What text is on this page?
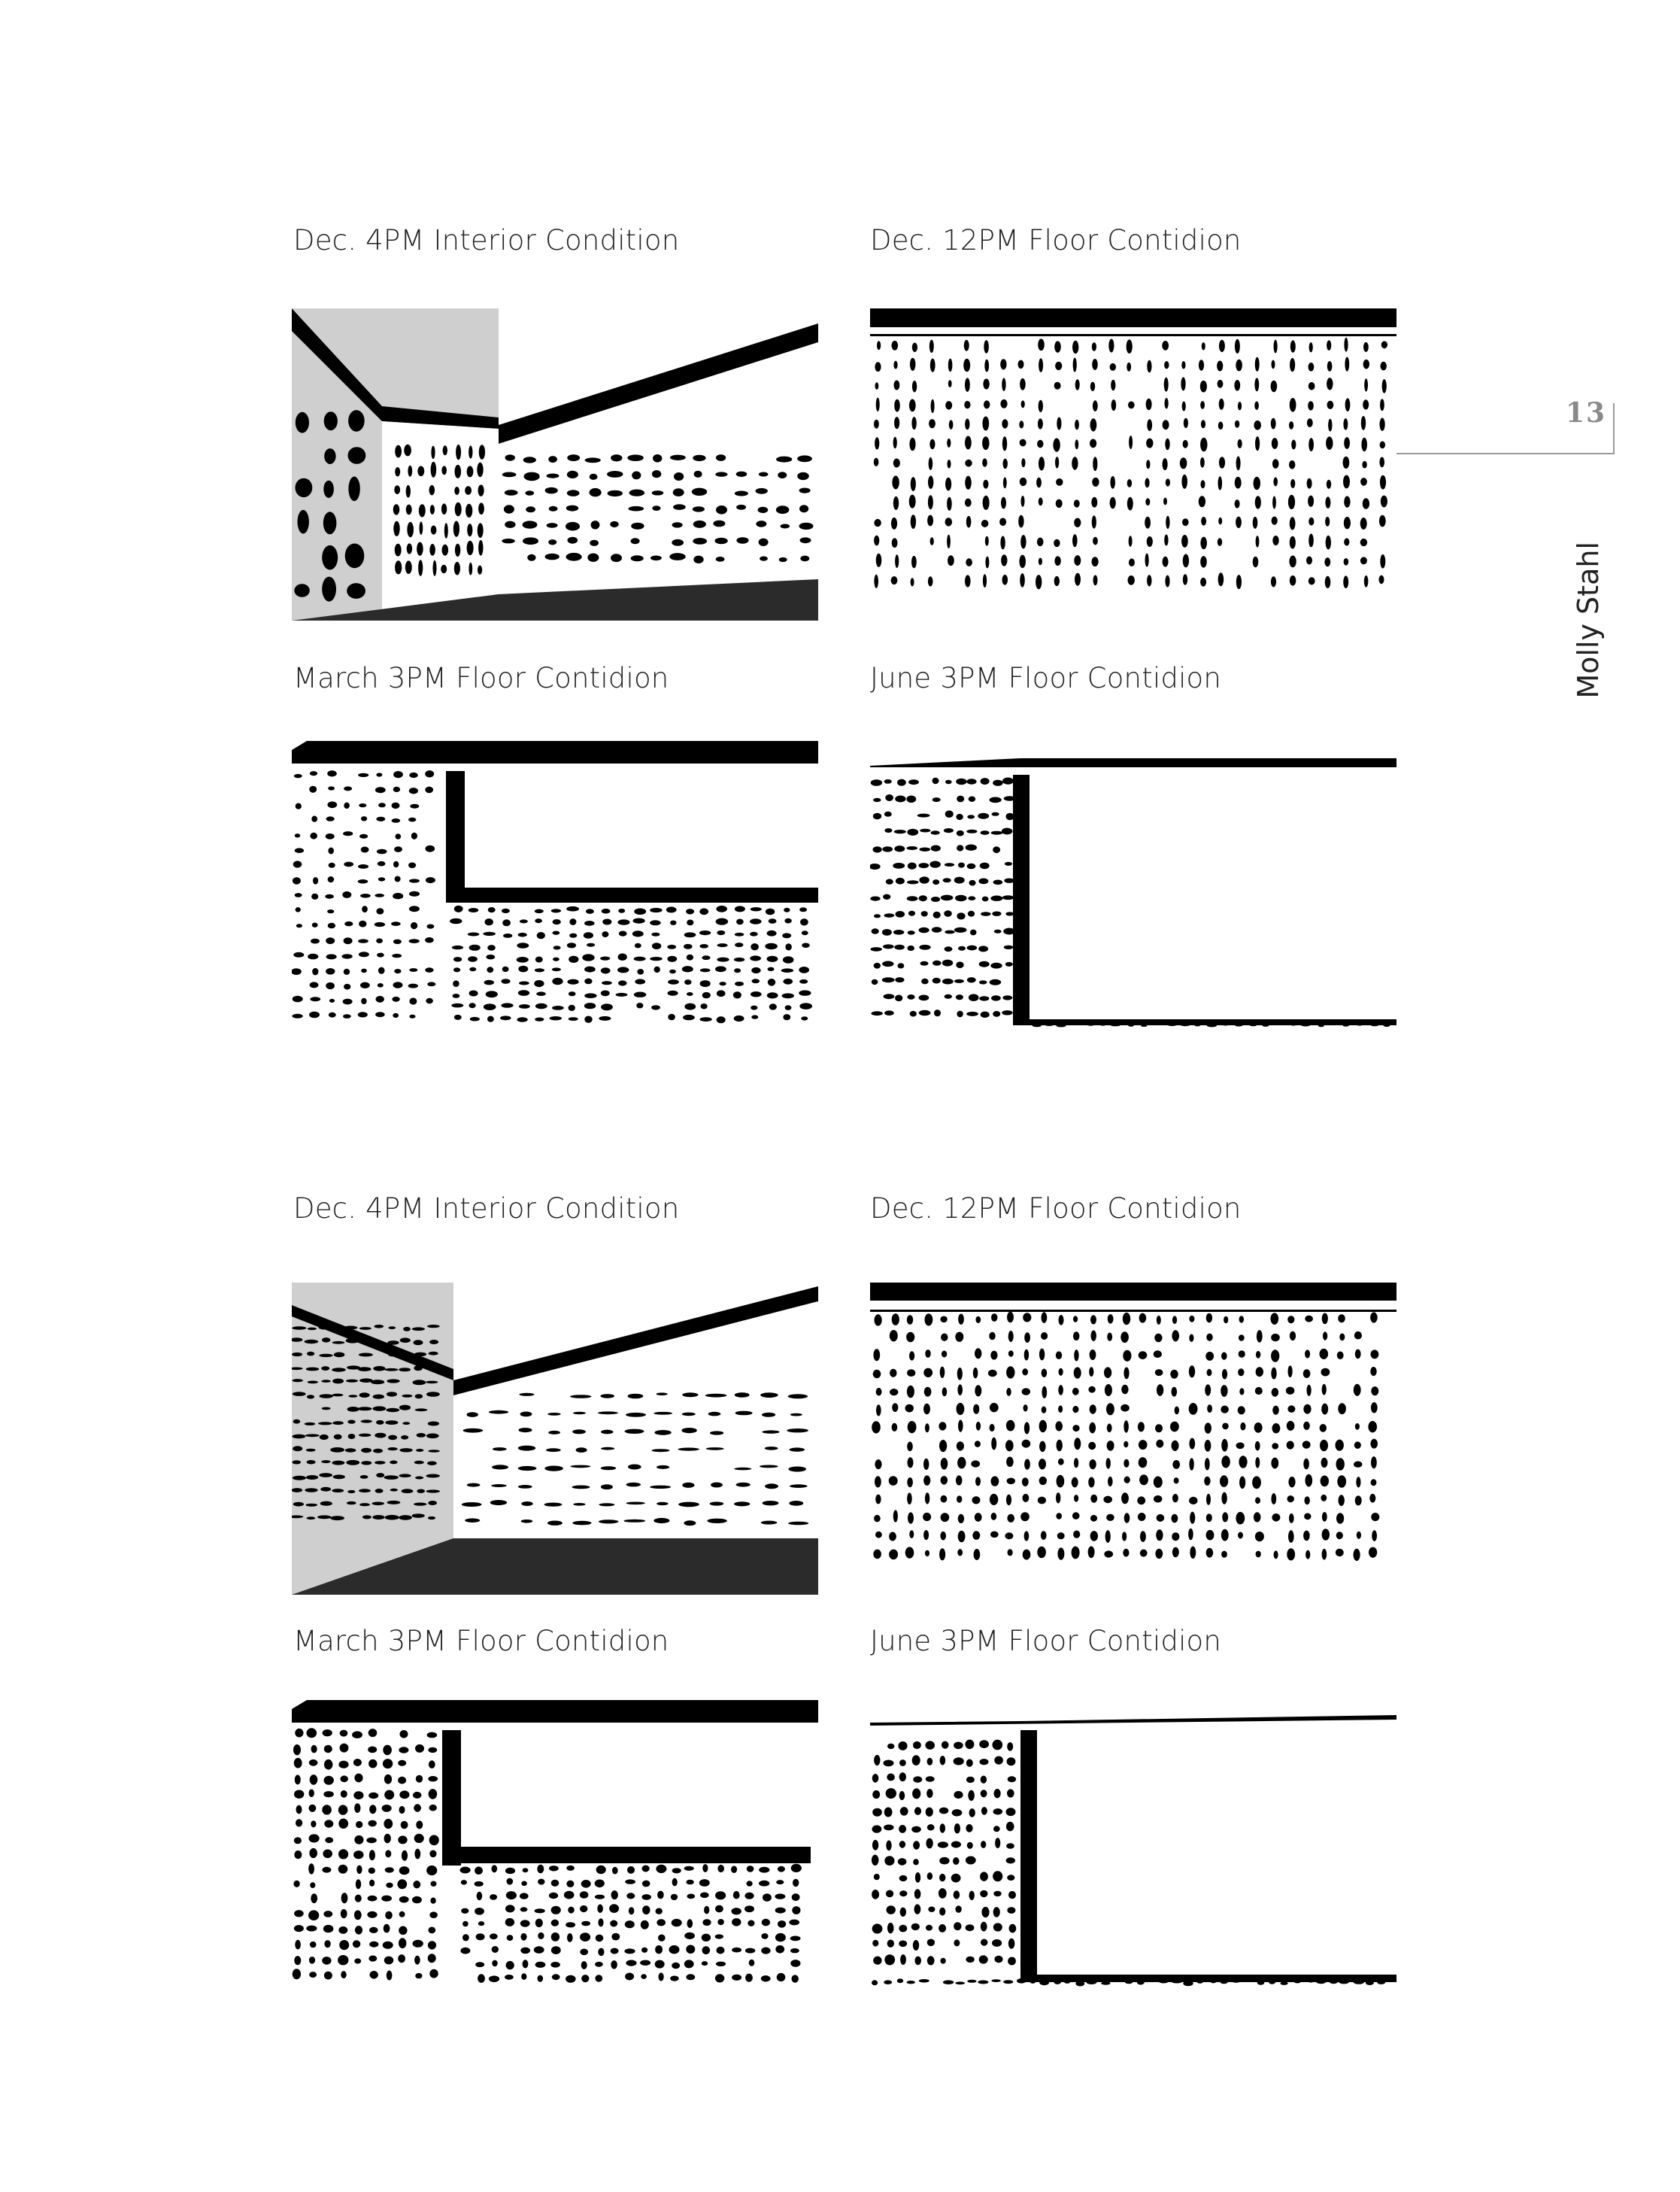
Dec. 4PM Interior Condition	Dec. 12PM Floor Contidion
March 3PM Floor Contidion	June 3PM Floor Contidion
Dec. 4PM Interior Condition	Dec. 12PM Floor Contidion
March 3PM Floor Contidion	June 3PM Floor Contidion
13
Molly Stahl
